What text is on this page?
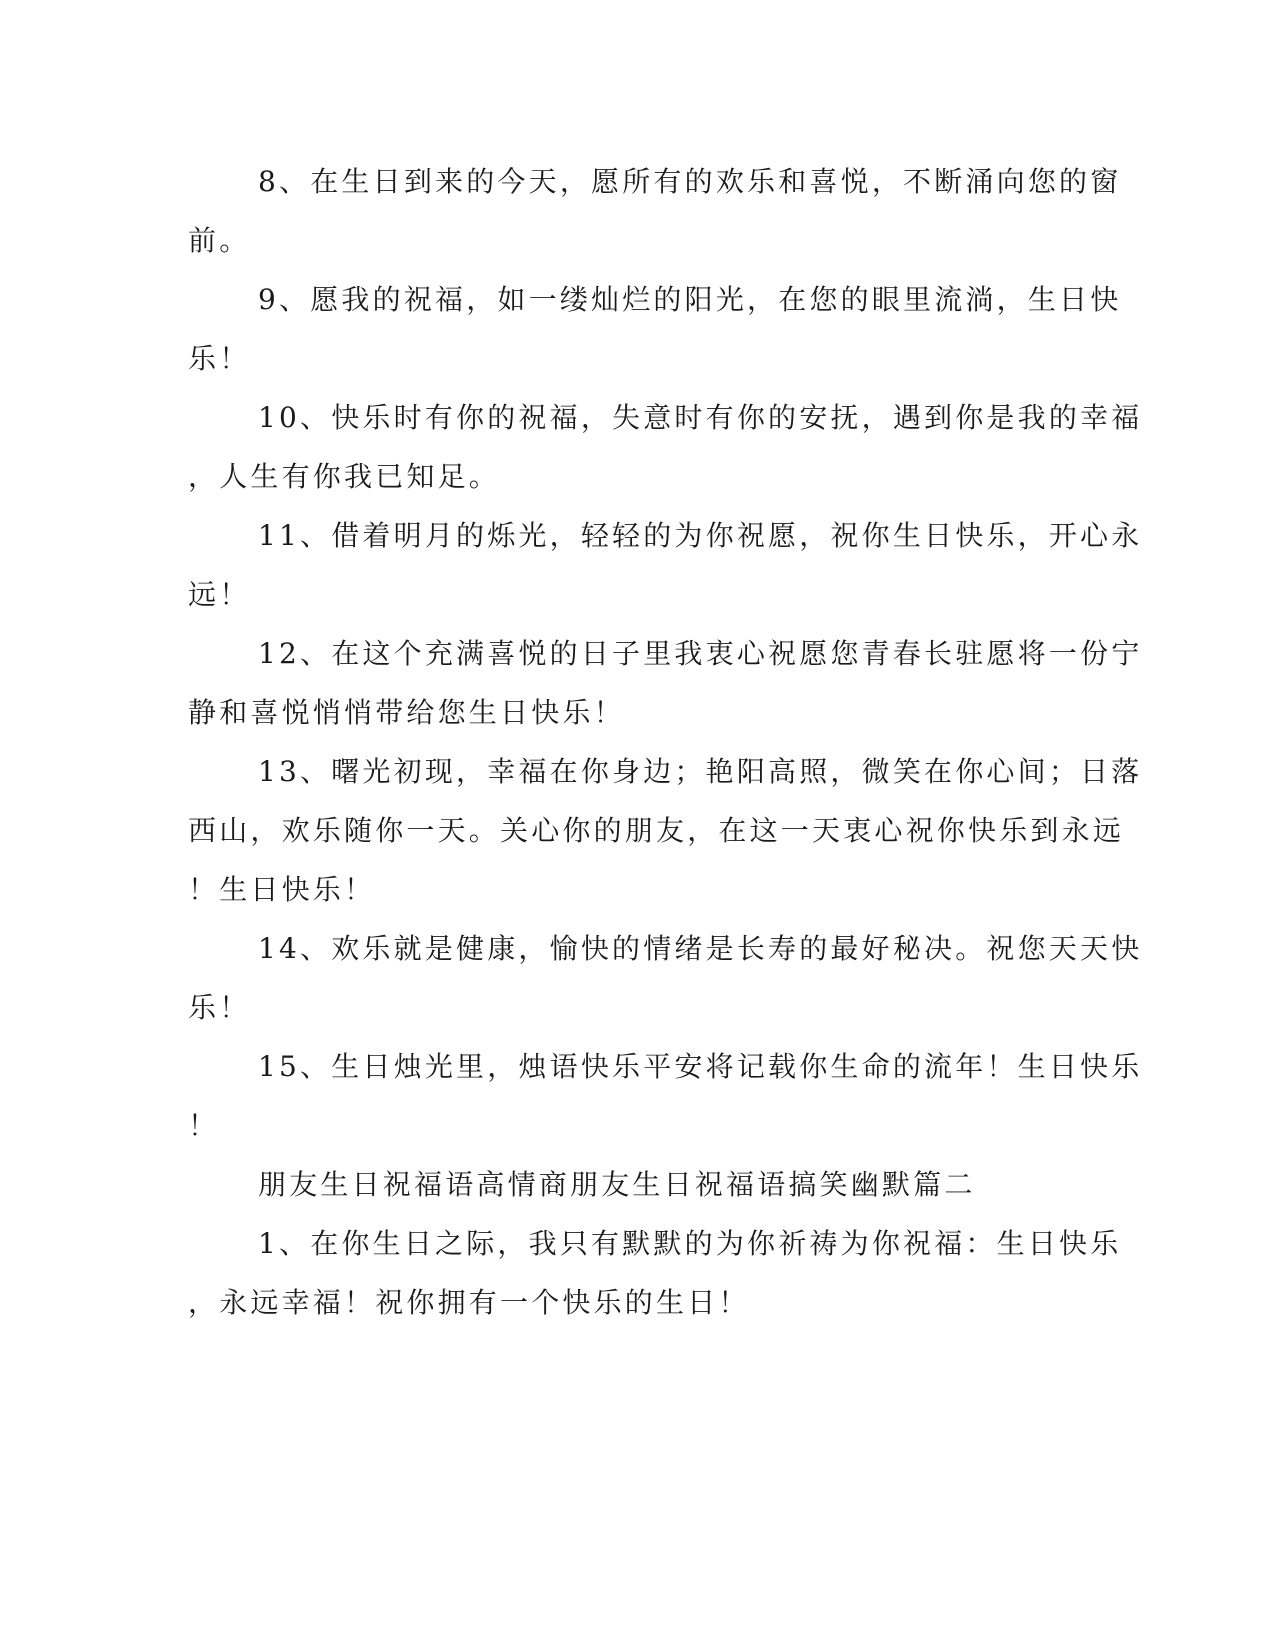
8、在生日到来的今天，愿所有的欢乐和喜悦，不断涌向您的窗
前。
9、愿我的祝福，如一缕灿烂的阳光，在您的眼里流淌，生日快
乐！
10、快乐时有你的祝福，失意时有你的安抚，遇到你是我的幸福
，人生有你我已知足。
11、借着明月的烁光，轻轻的为你祝愿，祝你生日快乐，开心永
远！
12、在这个充满喜悦的日子里我衷心祝愿您青春长驻愿将一份宁
静和喜悦悄悄带给您生日快乐！
13、曙光初现，幸福在你身边；艳阳高照，微笑在你心间；日落
西山，欢乐随你一天。关心你的朋友，在这一天衷心祝你快乐到永远
！生日快乐！
14、欢乐就是健康，愉快的情绪是长寿的最好秘决。祝您天天快
乐！
15、生日烛光里，烛语快乐平安将记载你生命的流年！生日快乐
！
朋友生日祝福语高情商朋友生日祝福语搞笑幽默篇二
1、在你生日之际，我只有默默的为你祈祷为你祝福：生日快乐
，永远幸福！祝你拥有一个快乐的生日！
